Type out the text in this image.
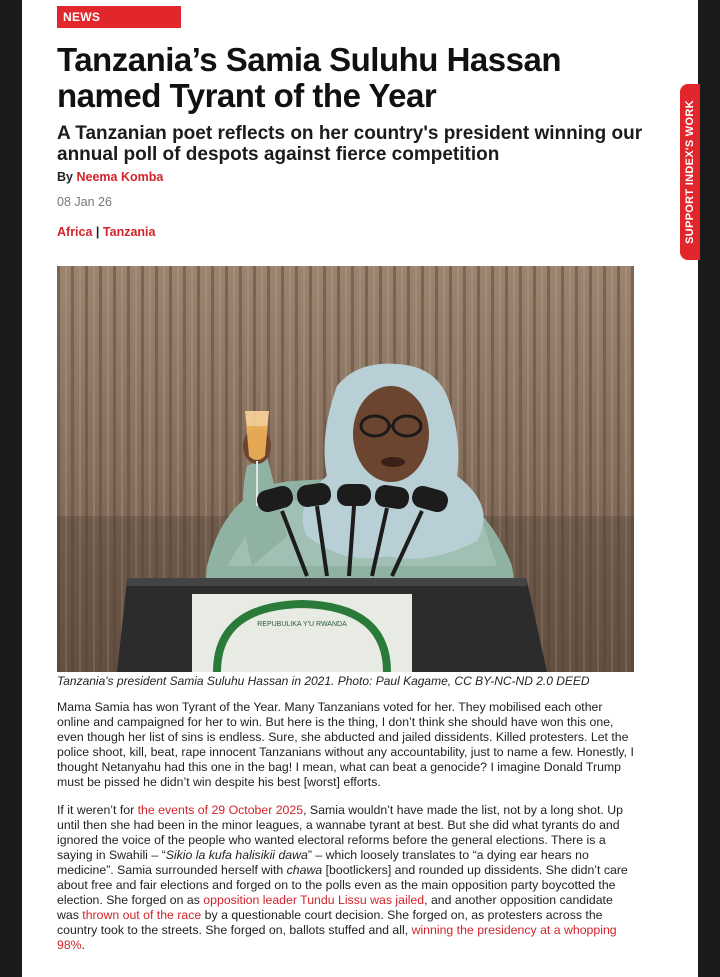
NEWS
Tanzania’s Samia Suluhu Hassan
named Tyrant of the Year
A Tanzanian poet reflects on her country's president winning our annual poll of despots against fierce competition
By Neema Komba
08 Jan 26
Africa | Tanzania
REPUBULIKA Y'U RWANDA
Tanzania's president Samia Suluhu Hassan in 2021. Photo: Paul Kagame, CC BY-NC-ND 2.0 DEED

Mama Samia has won Tyrant of the Year. Many Tanzanians voted for her. They mobilised each other online and campaigned for her to win. But here is the thing, I don’t think she should have won this one, even though her list of sins is endless. Sure, she abducted and jailed dissidents. Killed protesters. Let the police shoot, kill, beat, rape innocent Tanzanians without any accountability, just to name a few. Honestly, I thought Netanyahu had this one in the bag! I mean, what can beat a genocide? I imagine Donald Trump must be pissed he didn’t win despite his best [worst] efforts.

If it weren’t for the events of 29 October 2025, Samia wouldn’t have made the list, not by a long shot. Up until then she had been in the minor leagues, a wannabe tyrant at best. But she did what tyrants do and ignored the voice of the people who wanted electoral reforms before the general elections. There is a saying in Swahili – “Sikio la kufa halisikii dawa” – which loosely translates to “a dying ear hears no medicine”. Samia surrounded herself with chawa [bootlickers] and rounded up dissidents. She didn’t care about free and fair elections and forged on to the polls even as the main opposition party boycotted the election. She forged on as opposition leader Tundu Lissu was jailed, and another opposition candidate was thrown out of the race by a questionable court decision. She forged on, as protesters across the country took to the streets. She forged on, ballots stuffed and all, winning the presidency at a whopping 98%.

SUPPORT INDEX'S WORK
